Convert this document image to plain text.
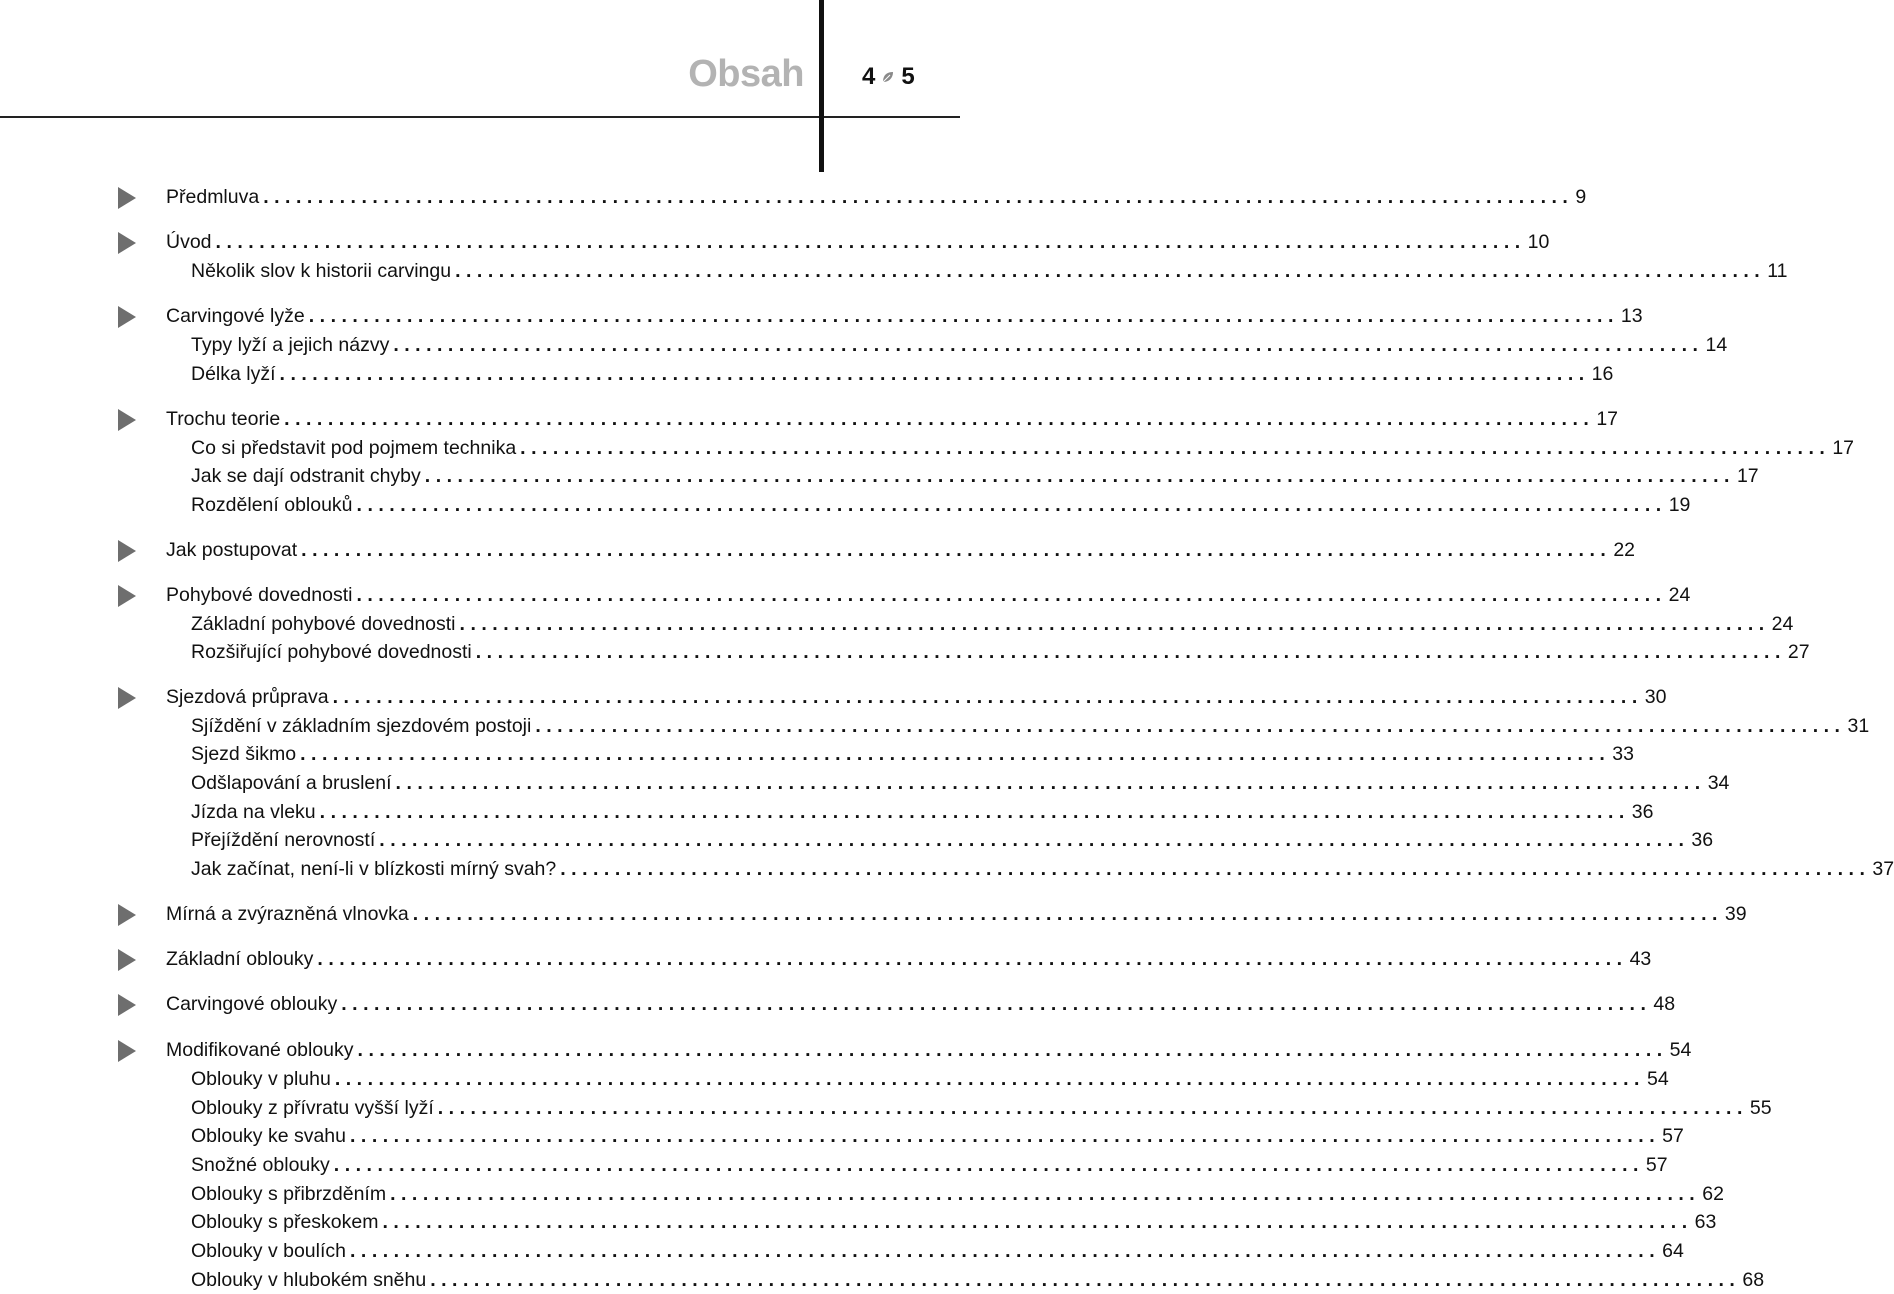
Obsah 4 5
Předmluva ........................................................................................................................ 9
Úvod ........................................................................................................................ 10
Několik slov k historii carvingu ........................................................................................................................ 11
Carvingové lyže ........................................................................................................................ 13
Typy lyží a jejich názvy ........................................................................................................................ 14
Délka lyží ........................................................................................................................ 16
Trochu teorie ........................................................................................................................ 17
Co si představit pod pojmem technika ........................................................................................................................ 17
Jak se dají odstranit chyby ........................................................................................................................ 17
Rozdělení oblouků ........................................................................................................................ 19
Jak postupovat ........................................................................................................................ 22
Pohybové dovednosti ........................................................................................................................ 24
Základní pohybové dovednosti ........................................................................................................................ 24
Rozšiřující pohybové dovednosti ........................................................................................................................ 27
Sjezdová průprava ........................................................................................................................ 30
Sjíždění v základním sjezdovém postoji ........................................................................................................................ 31
Sjezd šikmo ........................................................................................................................ 33
Odšlapování a bruslení ........................................................................................................................ 34
Jízda na vleku ........................................................................................................................ 36
Přejíždění nerovností ........................................................................................................................ 36
Jak začínat, není-li v blízkosti mírný svah? ........................................................................................................................ 37
Mírná a zvýrazněná vlnovka ........................................................................................................................ 39
Základní oblouky ........................................................................................................................ 43
Carvingové oblouky ........................................................................................................................ 48
Modifikované oblouky ........................................................................................................................ 54
Oblouky v pluhu ........................................................................................................................ 54
Oblouky z přívratu vyšší lyží ........................................................................................................................ 55
Oblouky ke svahu ........................................................................................................................ 57
Snožné oblouky ........................................................................................................................ 57
Oblouky s přibrzděním ........................................................................................................................ 62
Oblouky s přeskokem ........................................................................................................................ 63
Oblouky v boulích ........................................................................................................................ 64
Oblouky v hlubokém sněhu ........................................................................................................................ 68
